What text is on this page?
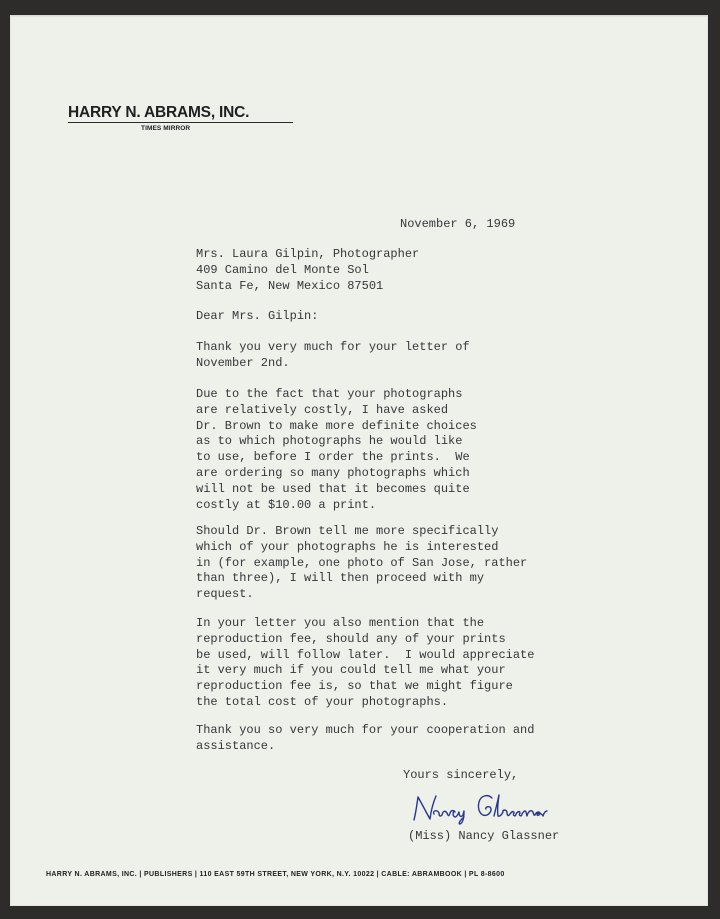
HARRY N. ABRAMS, INC.
TIMES MIRROR
November 6, 1969
Mrs. Laura Gilpin, Photographer
409 Camino del Monte Sol
Santa Fe, New Mexico 87501
Dear Mrs. Gilpin:
Thank you very much for your letter of
November 2nd.
Due to the fact that your photographs
are relatively costly, I have asked
Dr. Brown to make more definite choices
as to which photographs he would like
to use, before I order the prints.  We
are ordering so many photographs which
will not be used that it becomes quite
costly at $10.00 a print.
Should Dr. Brown tell me more specifically
which of your photographs he is interested
in (for example, one photo of San Jose, rather
than three), I will then proceed with my
request.
In your letter you also mention that the
reproduction fee, should any of your prints
be used, will follow later.  I would appreciate
it very much if you could tell me what your
reproduction fee is, so that we might figure
the total cost of your photographs.
Thank you so very much for your cooperation and
assistance.
Yours sincerely,
(Miss) Nancy Glassner
HARRY N. ABRAMS, INC. | PUBLISHERS | 110 EAST 59TH STREET, NEW YORK, N.Y. 10022 | CABLE: ABRAMBOOK | PL 8-8600
